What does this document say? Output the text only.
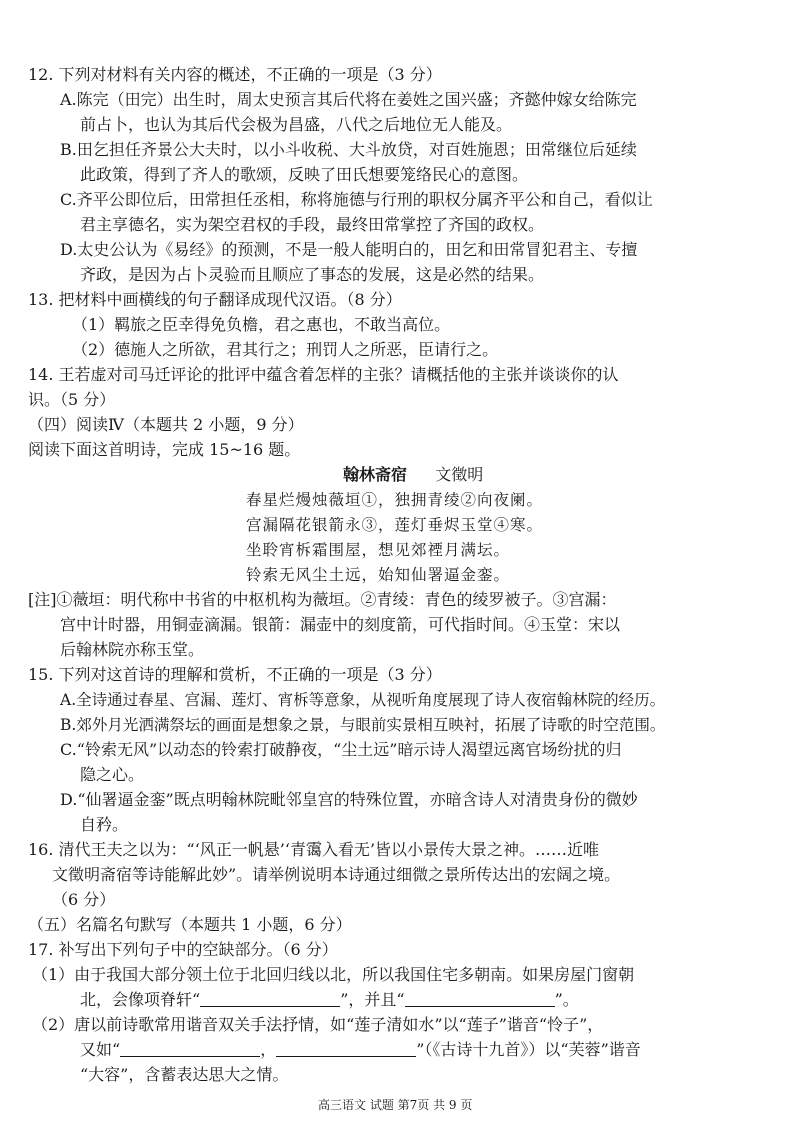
12. 下列对材料有关内容的概述，不正确的一项是（3 分）
A.陈完（田完）出生时，周太史预言其后代将在姜姓之国兴盛；齐懿仲嫁女给陈完
前占卜，也认为其后代会极为昌盛，八代之后地位无人能及。
B.田乞担任齐景公大夫时，以小斗收税、大斗放贷，对百姓施恩；田常继位后延续
此政策，得到了齐人的歌颂，反映了田氏想要笼络民心的意图。
C.齐平公即位后，田常担任丞相，称将施德与行刑的职权分属齐平公和自己，看似让
君主享德名，实为架空君权的手段，最终田常掌控了齐国的政权。
D.太史公认为《易经》的预测，不是一般人能明白的，田乞和田常冒犯君主、专擅
齐政，是因为占卜灵验而且顺应了事态的发展，这是必然的结果。
13. 把材料中画横线的句子翻译成现代汉语。（8 分）
（1）羁旅之臣幸得免负檐，君之惠也，不敢当高位。
（2）德施人之所欲，君其行之；刑罚人之所恶，臣请行之。
14. 王若虚对司马迁评论的批评中蕴含着怎样的主张？请概括他的主张并谈谈你的认
识。（5 分）
（四）阅读Ⅳ（本题共 2 小题，9 分）
阅读下面这首明诗，完成 15~16 题。
翰林斋宿 文徵明
春星烂熳烛薇垣①，独拥青绫②向夜阑。
宫漏隔花银箭永③，莲灯垂烬玉堂④寒。
坐聆宵柝霜围屋，想见郊禋月满坛。
铃索无风尘土远，始知仙署逼金銮。
[注]①薇垣：明代称中书省的中枢机构为薇垣。②青绫：青色的绫罗被子。③宫漏：
宫中计时器，用铜壶滴漏。银箭：漏壶中的刻度箭，可代指时间。④玉堂：宋以
后翰林院亦称玉堂。
15. 下列对这首诗的理解和赏析，不正确的一项是（3 分）
A.全诗通过春星、宫漏、莲灯、宵柝等意象，从视听角度展现了诗人夜宿翰林院的经历。
B.郊外月光洒满祭坛的画面是想象之景，与眼前实景相互映衬，拓展了诗歌的时空范围。
C.“铃索无风”以动态的铃索打破静夜，“尘土远”暗示诗人渴望远离官场纷扰的归
隐之心。
D.“仙署逼金銮”既点明翰林院毗邻皇宫的特殊位置，亦暗含诗人对清贵身份的微妙
自矜。
16. 清代王夫之以为：“‘风正一帆悬’‘青霭入看无’皆以小景传大景之神。……近唯
文徵明斋宿等诗能解此妙”。请举例说明本诗通过细微之景所传达出的宏阔之境。
（6 分）
（五）名篇名句默写（本题共 1 小题，6 分）
17. 补写出下列句子中的空缺部分。（6 分）
（1）由于我国大部分领土位于北回归线以北，所以我国住宅多朝南。如果房屋门窗朝
北，会像项脊轩“	”，并且“	”。
（2）唐以前诗歌常用谐音双关手法抒情，如“莲子清如水”以“莲子”谐音“怜子”，
又如“	，	”（《古诗十九首》）以“芙蓉”谐音
“大容”，含蓄表达思大之情。
高三语文 试题 第7页 共 9 页
